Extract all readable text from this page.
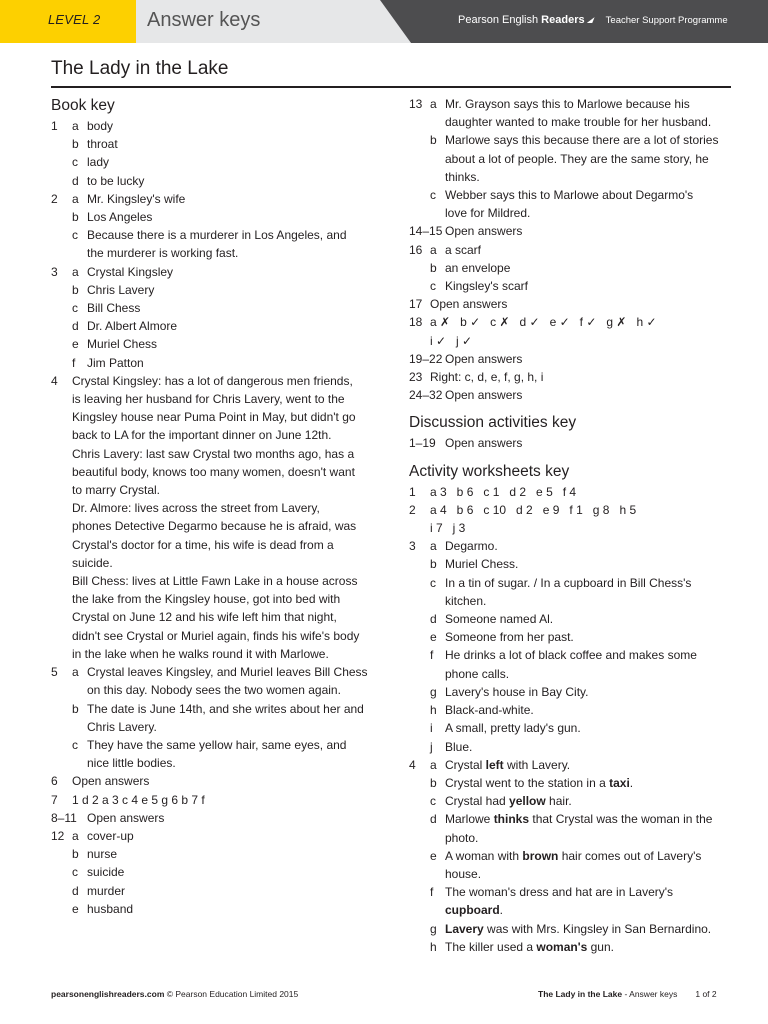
LEVEL 2 Answer keys	Pearson English Readers Teacher Support Programme
The Lady in the Lake
Book key
1	a body
b throat
c lady
d to be lucky
2	a Mr. Kingsley's wife
b Los Angeles
c Because there is a murderer in Los Angeles, and
the murderer is working fast.
3	a Crystal Kingsley
b Chris Lavery
c Bill Chess
d Dr. Albert Almore
e Muriel Chess
f Jim Patton
4	Crystal Kingsley: has a lot of dangerous men friends,
is leaving her husband for Chris Lavery, went to the
Kingsley house near Puma Point in May, but didn't go
back to LA for the important dinner on June 12th.
Chris Lavery: last saw Crystal two months ago, has a
beautiful body, knows too many women, doesn't want
to marry Crystal.
Dr. Almore: lives across the street from Lavery,
phones Detective Degarmo because he is afraid, was
Crystal's doctor for a time, his wife is dead from a
suicide.
Bill Chess: lives at Little Fawn Lake in a house across
the lake from the Kingsley house, got into bed with
Crystal on June 12 and his wife left him that night,
didn't see Crystal or Muriel again, finds his wife's body
in the lake when he walks round it with Marlowe.
5	a Crystal leaves Kingsley, and Muriel leaves Bill Chess
on this day. Nobody sees the two women again.
b The date is June 14th, and she writes about her and
Chris Lavery.
c They have the same yellow hair, same eyes, and
nice little bodies.
6	Open answers
7	1 d 2 a 3 c 4 e 5 g 6 b 7 f
8–11 Open answers
12 a cover-up
b nurse
c suicide
d murder
e husband
13 a Mr. Grayson says this to Marlowe because his
daughter wanted to make trouble for her husband.
b Marlowe says this because there are a lot of stories
about a lot of people. They are the same story, he
thinks.
c Webber says this to Marlowe about Degarmo's
love for Mildred.
14–15 Open answers
16 a a scarf
b an envelope
c Kingsley's scarf
17 Open answers
18 a ✗   b ✓   c ✗   d ✓   e ✓   f ✓   g ✗   h ✓
i ✓   j ✓
19–22 Open answers
23 Right: c, d, e, f, g, h, i
24–32 Open answers
Discussion activities key
1–19 Open answers
Activity worksheets key
1	a 3   b 6   c 1   d 2   e 5   f 4
2	a 4   b 6   c 10   d 2   e 9   f 1   g 8   h 5
i 7   j 3
3	a Degarmo.
b Muriel Chess.
c In a tin of sugar. / In a cupboard in Bill Chess's
kitchen.
d Someone named Al.
e Someone from her past.
f He drinks a lot of black coffee and makes some
phone calls.
g Lavery's house in Bay City.
h Black-and-white.
i	A small, pretty lady's gun.
j	Blue.
4	a Crystal left with Lavery.
b Crystal went to the station in a taxi.
c Crystal had yellow hair.
d Marlowe thinks that Crystal was the woman in the
photo.
e A woman with brown hair comes out of Lavery's
house.
f The woman's dress and hat are in Lavery's
cupboard.
g Lavery was with Mrs. Kingsley in San Bernardino.
h The killer used a woman's gun.
pearsonenglishreaders.com © Pearson Education Limited 2015	The Lady in the Lake - Answer keys 1 of 2
